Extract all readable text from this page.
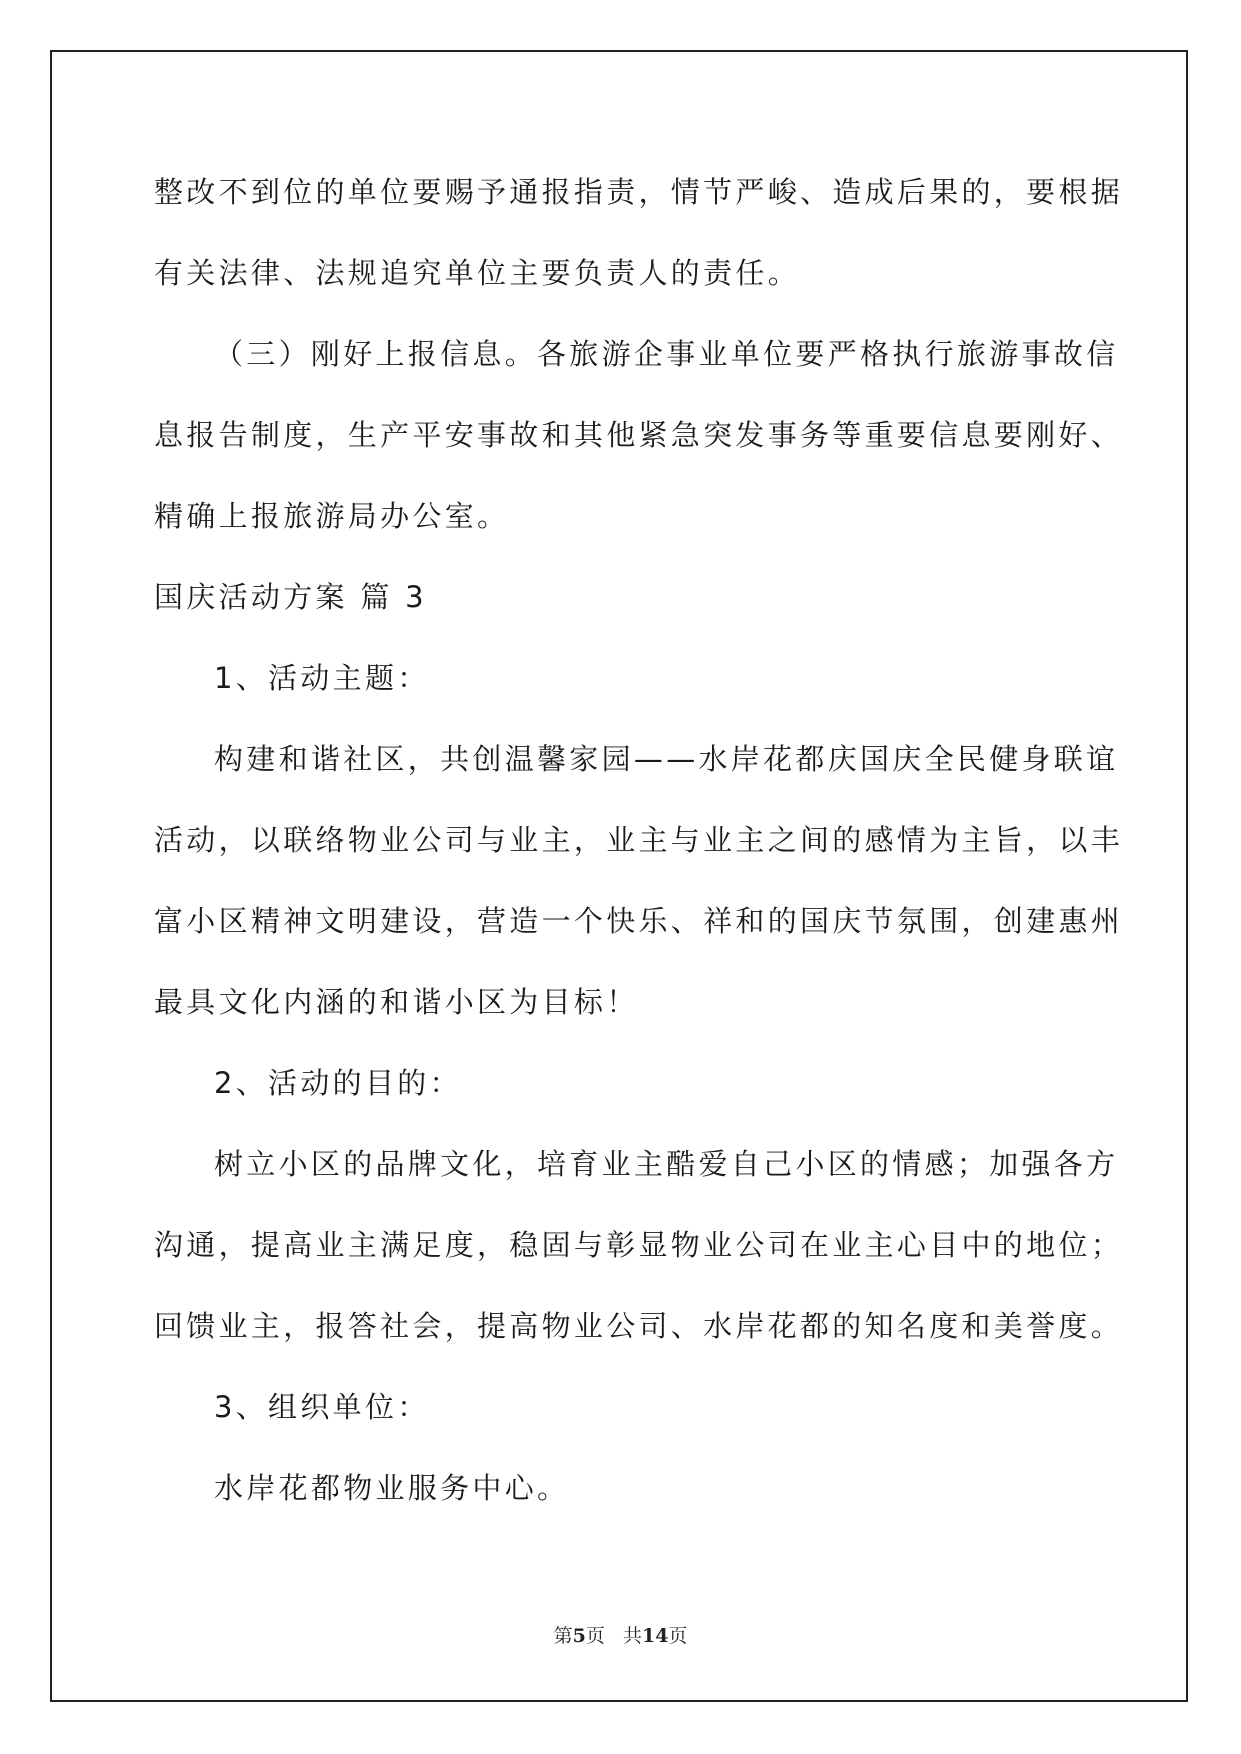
整改不到位的单位要赐予通报指责，情节严峻、造成后果的，要根据
有关法律、法规追究单位主要负责人的责任。
（三）刚好上报信息。各旅游企事业单位要严格执行旅游事故信
息报告制度，生产平安事故和其他紧急突发事务等重要信息要刚好、
精确上报旅游局办公室。
国庆活动方案 篇 3
1、活动主题：
构建和谐社区，共创温馨家园——水岸花都庆国庆全民健身联谊
活动，以联络物业公司与业主，业主与业主之间的感情为主旨，以丰
富小区精神文明建设，营造一个快乐、祥和的国庆节氛围，创建惠州
最具文化内涵的和谐小区为目标！
2、活动的目的：
树立小区的品牌文化，培育业主酷爱自己小区的情感；加强各方
沟通，提高业主满足度，稳固与彰显物业公司在业主心目中的地位；
回馈业主，报答社会，提高物业公司、水岸花都的知名度和美誉度。
3、组织单位：
水岸花都物业服务中心。
第5页 共14页
